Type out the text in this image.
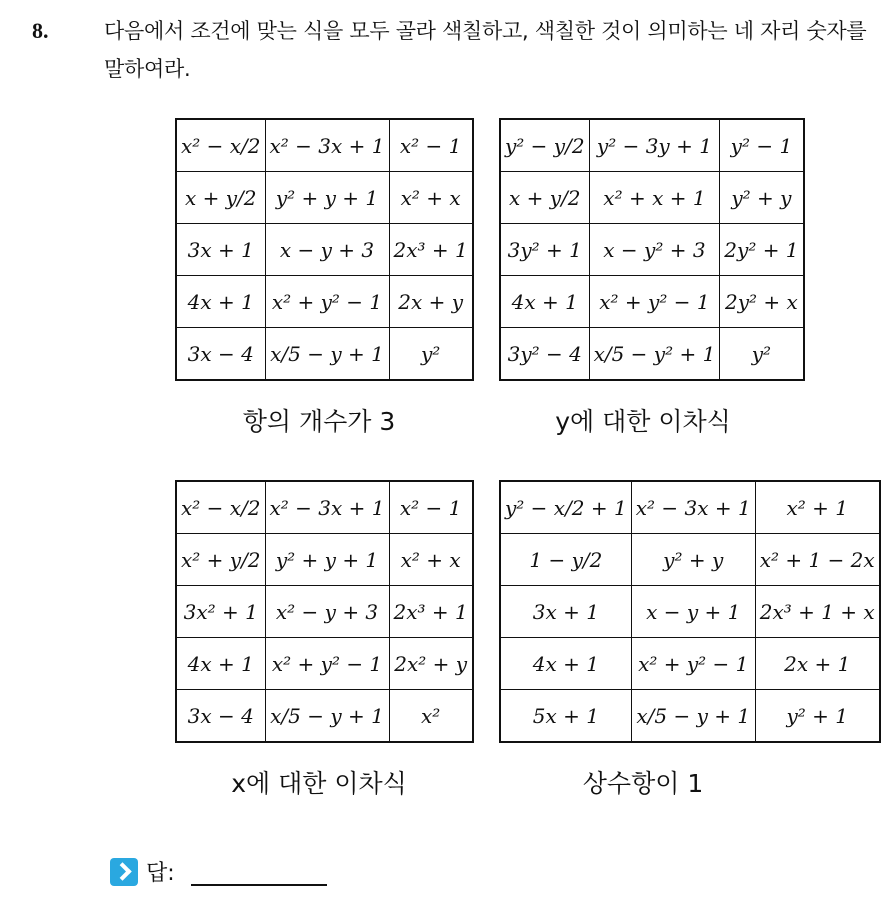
8.	다음에서 조건에 맞는 식을 모두 골라 색칠하고, 색칠한 것이 의미하는 네 자리 숫자를 말하여라.
x² − x/2	x² − 3x + 1	x² − 1
x + y/2	y² + y + 1	x² + x
3x + 1	x − y + 3	2x³ + 1
4x + 1	x² + y² − 1	2x + y
3x − 4	x/5 − y + 1	y²
항의 개수가 3
y² − y/2	y² − 3y + 1	y² − 1
x + y/2	x² + x + 1	y² + y
3y² + 1	x − y² + 3	2y² + 1
4x + 1	x² + y² − 1	2y² + x
3y² − 4	x/5 − y² + 1	y²
y에 대한 이차식
x² − x/2	x² − 3x + 1	x² − 1
x² + y/2	y² + y + 1	x² + x
3x² + 1	x² − y + 3	2x³ + 1
4x + 1	x² + y² − 1	2x² + y
3x − 4	x/5 − y + 1	x²
x에 대한 이차식
y² − x/2 + 1	x² − 3x + 1	x² + 1
1 − y/2	y² + y	x² + 1 − 2x
3x + 1	x − y + 1	2x³ + 1 + x
4x + 1	x² + y² − 1	2x + 1
5x + 1	x/5 − y + 1	y² + 1
상수항이 1
답:
